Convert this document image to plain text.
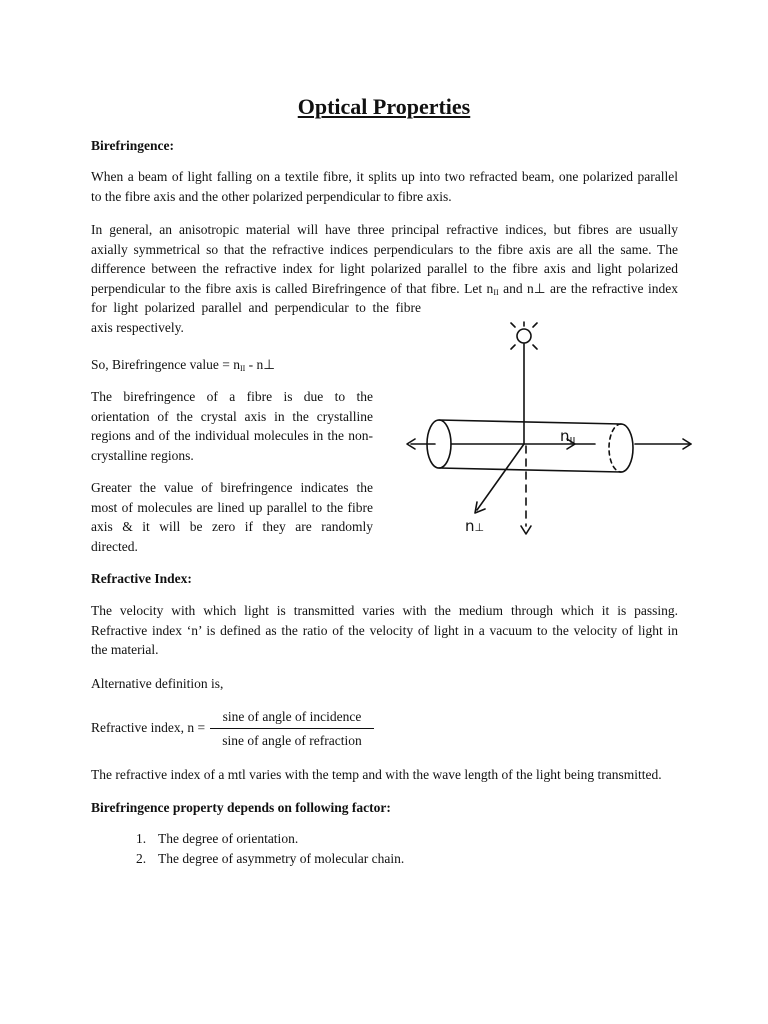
Optical Properties
Birefringence:

When a beam of light falling on a textile fibre, it splits up into two refracted beam, one polarized parallel
to the fibre axis and the other polarized perpendicular to fibre axis.

In general, an anisotropic material will have three principal refractive indices, but fibres are usually
axially symmetrical so that the refractive indices perpendiculars to the fibre axis are all the same. The
difference between the refractive index for light polarized parallel to the fibre axis and light polarized
perpendicular to the fibre axis is called Birefringence of that fibre. Let $n_{II}$ and n⊥ are the refractive index

for light polarized parallel and perpendicular to the fibre
axis respectively.

So, Birefringence value = $n_{II}$ - n⊥

The birefringence of a fibre is due to the
orientation of the crystal axis in the crystalline
regions and of the individual molecules in the non-
crystalline regions.

Greater the value of birefringence indicates the
most of molecules are lined up parallel to the fibre
axis & it will be zero if they are randomly
directed.

$n_{II}$
n⊥
Refractive Index:

The velocity with which light is transmitted varies with the medium through which it is passing.
Refractive index ‘n’ is defined as the ratio of the velocity of light in a vacuum to the velocity of light in
the material.

Alternative definition is,

Refractive index, n =
sine of angle of incidence
sine of angle of refraction

The refractive index of a mtl varies with the temp and with the wave length of the light being transmitted.

Birefringence property depends on following factor:
1. The degree of orientation.
2. The degree of asymmetry of molecular chain.
